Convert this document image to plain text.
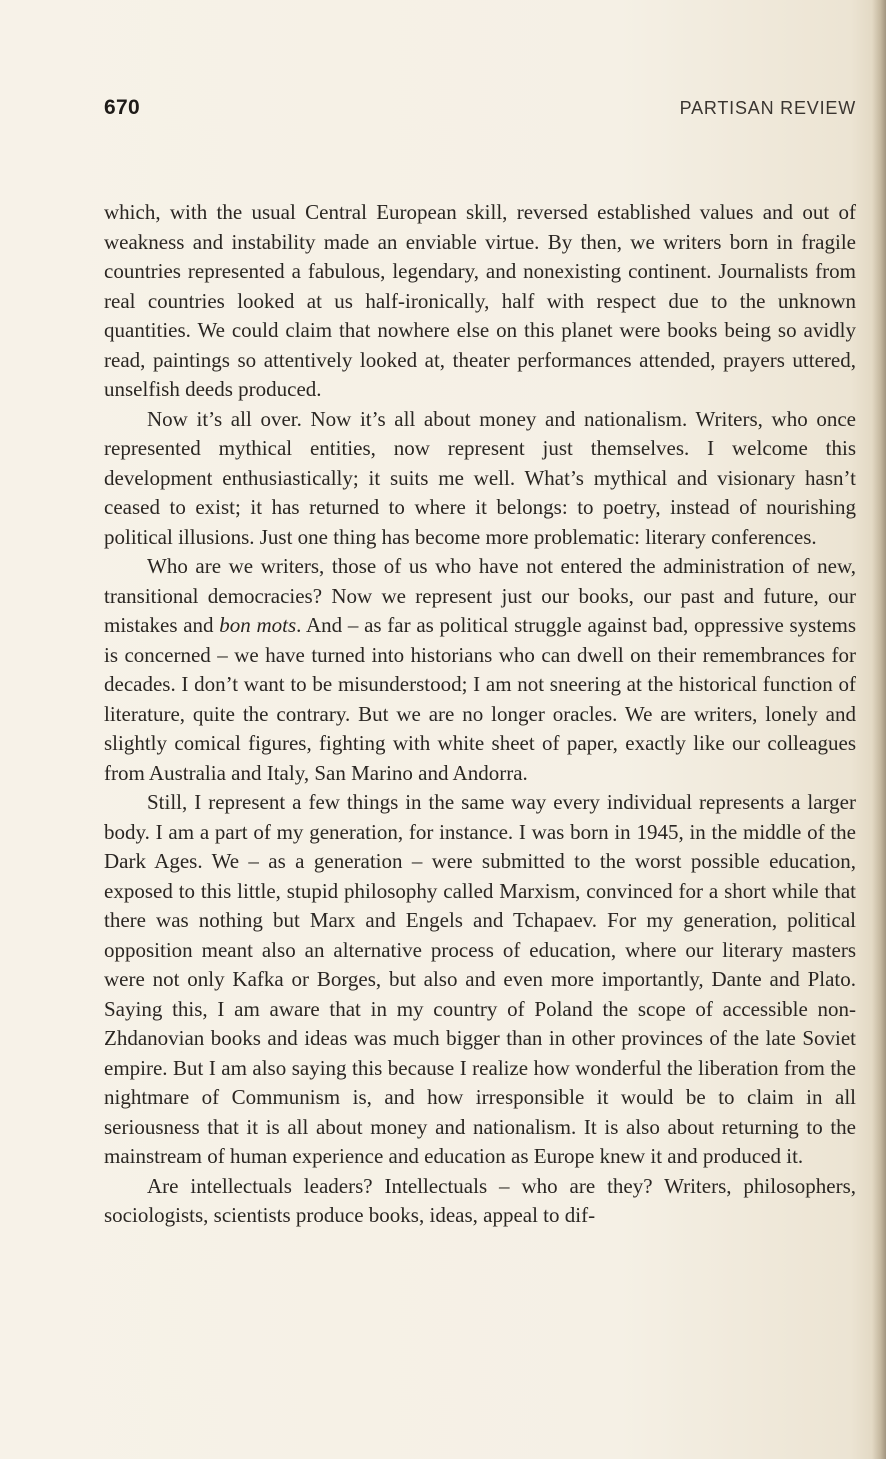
670	PARTISAN REVIEW

which, with the usual Central European skill, reversed established values and out of weakness and instability made an enviable virtue. By then, we writers born in fragile countries represented a fabulous, legendary, and nonexisting continent. Journalists from real countries looked at us half-ironically, half with respect due to the unknown quantities. We could claim that nowhere else on this planet were books being so avidly read, paintings so attentively looked at, theater performances attended, prayers uttered, unselfish deeds produced.

Now it’s all over. Now it’s all about money and nationalism. Writers, who once represented mythical entities, now represent just themselves. I welcome this development enthusiastically; it suits me well. What’s mythical and visionary hasn’t ceased to exist; it has returned to where it belongs: to poetry, instead of nourishing political illusions. Just one thing has become more problematic: literary conferences.

Who are we writers, those of us who have not entered the administration of new, transitional democracies? Now we represent just our books, our past and future, our mistakes and bon mots. And – as far as political struggle against bad, oppressive systems is concerned – we have turned into historians who can dwell on their remembrances for decades. I don’t want to be misunderstood; I am not sneering at the historical function of literature, quite the contrary. But we are no longer oracles. We are writers, lonely and slightly comical figures, fighting with white sheet of paper, exactly like our colleagues from Australia and Italy, San Marino and Andorra.

Still, I represent a few things in the same way every individual represents a larger body. I am a part of my generation, for instance. I was born in 1945, in the middle of the Dark Ages. We – as a generation – were submitted to the worst possible education, exposed to this little, stupid philosophy called Marxism, convinced for a short while that there was nothing but Marx and Engels and Tchapaev. For my generation, political opposition meant also an alternative process of education, where our literary masters were not only Kafka or Borges, but also and even more importantly, Dante and Plato. Saying this, I am aware that in my country of Poland the scope of accessible non-Zhdanovian books and ideas was much bigger than in other provinces of the late Soviet empire. But I am also saying this because I realize how wonderful the liberation from the nightmare of Communism is, and how irresponsible it would be to claim in all seriousness that it is all about money and nationalism. It is also about returning to the mainstream of human experience and education as Europe knew it and produced it.

Are intellectuals leaders? Intellectuals – who are they? Writers, philosophers, sociologists, scientists produce books, ideas, appeal to dif-
